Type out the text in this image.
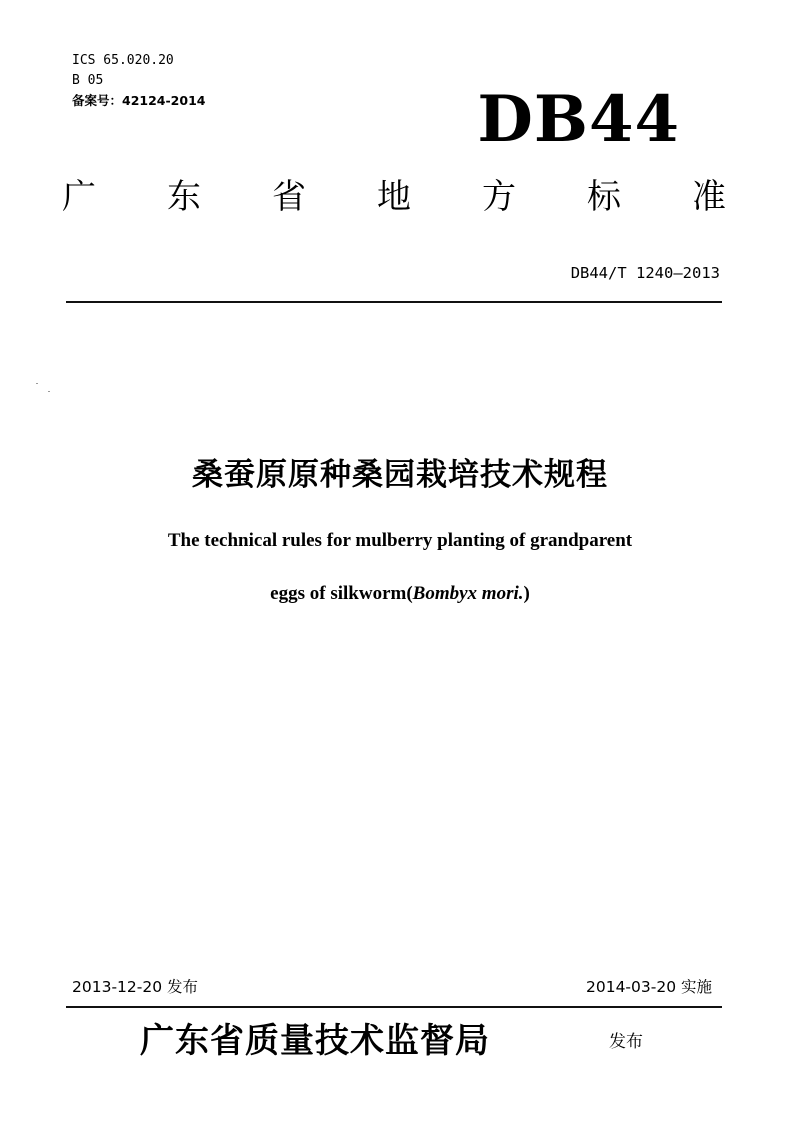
ICS 65.020.20
B 05
备案号：42124-2014	DB44
广 东 省 地 方 标 准
DB44/T 1240—2013
桑蚕原原种桑园栽培技术规程
The technical rules for mulberry planting of grandparent
eggs of silkworm(Bombyx mori.)
2013-12-20 发布	2014-03-20 实施
广东省质量技术监督局	发布
